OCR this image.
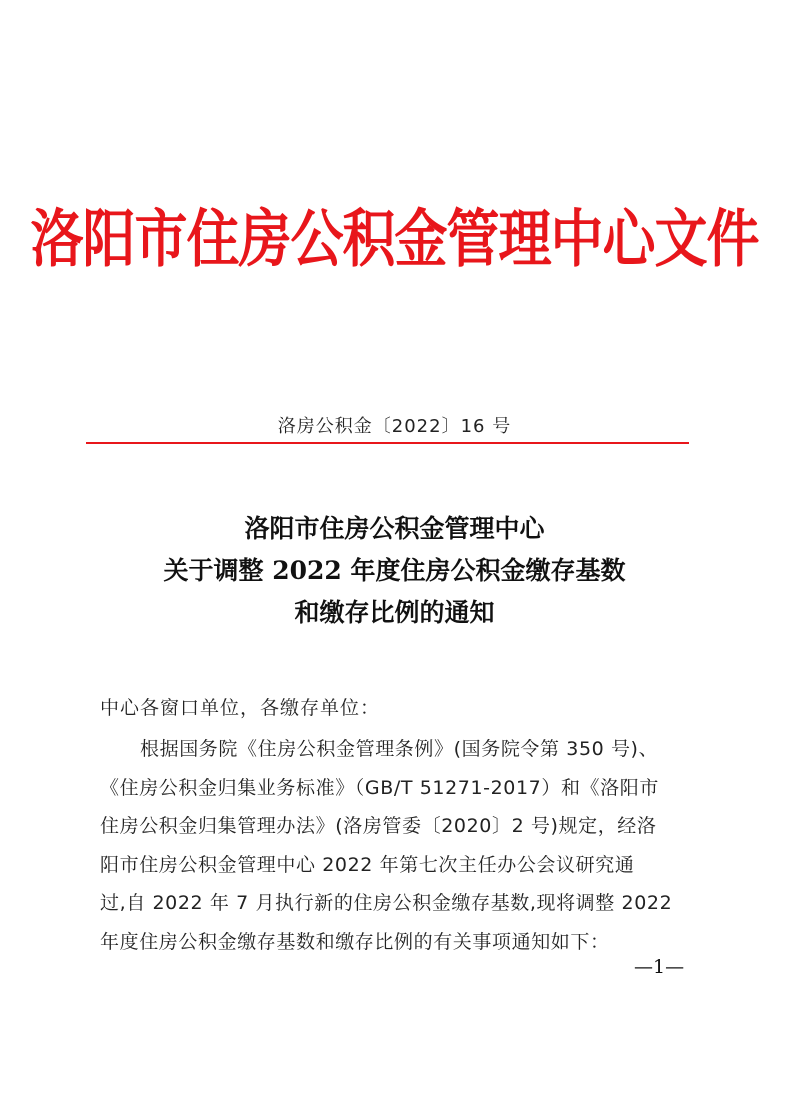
洛阳市住房公积金管理中心文件
洛房公积金〔2022〕16 号
洛阳市住房公积金管理中心
关于调整 2022 年度住房公积金缴存基数
和缴存比例的通知
中心各窗口单位，各缴存单位：
根据国务院《住房公积金管理条例》(国务院令第 350 号)、
《住房公积金归集业务标准》（GB/T 51271-2017）和《洛阳市
住房公积金归集管理办法》(洛房管委〔2020〕2 号)规定，经洛
阳市住房公积金管理中心 2022 年第七次主任办公会议研究通
过,自 2022 年 7 月执行新的住房公积金缴存基数,现将调整 2022
年度住房公积金缴存基数和缴存比例的有关事项通知如下：
—1—
